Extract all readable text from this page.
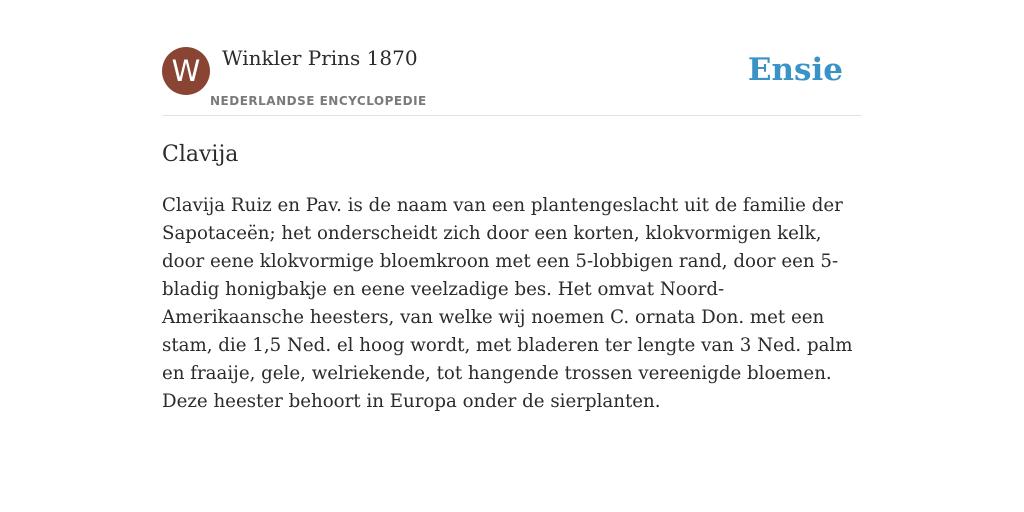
W	Winkler Prins 1870
NEDERLANDSE ENCYCLOPEDIE
Ensie
Clavija

Clavija Ruiz en Pav. is de naam van een plantengeslacht uit de familie der Sapotaceën; het onderscheidt zich door een korten, klokvormigen kelk, door eene klokvormige bloemkroon met een 5-lobbigen rand, door een 5-bladig honigbakje en eene veelzadige bes. Het omvat Noord-Amerikaansche heesters, van welke wij noemen C. ornata Don. met een stam, die 1,5 Ned. el hoog wordt, met bladeren ter lengte van 3 Ned. palm en fraaije, gele, welriekende, tot hangende trossen vereenigde bloemen. Deze heester behoort in Europa onder de sierplanten.
